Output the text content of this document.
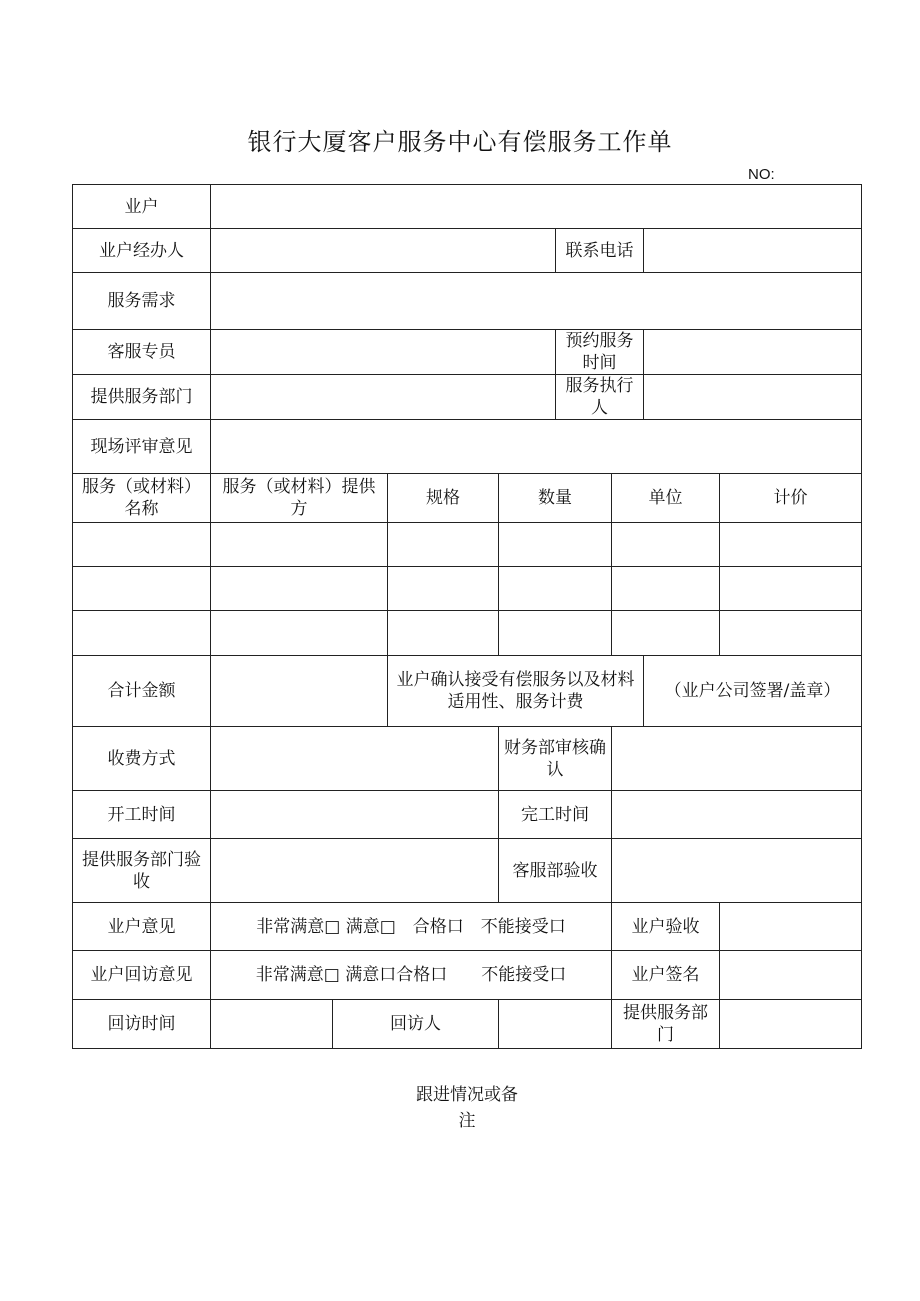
银行大厦客户服务中心有偿服务工作单
NO:
业户								
业户经办人					联系电话			
服务需求								
客服专员					预约服务时间			
提供服务部门					服务执行人			
现场评审意见								
服务（或材料）名称	服务（或材料）提供方		规格	数量		单位		计价

合计金额			业户确认接受有偿服务以及材料适用性、服务计费				（业户公司签署/盖章）	
收费方式				财务部审核确认				
开工时间				完工时间				
提供服务部门验收				客服部验收				
业户意见	非常满意□ 满意□　合格口　不能接受口					业户验收		
业户回访意见	非常满意□ 满意口合格口　　不能接受口					业户签名		
回访时间		回访人				提供服务部门		
跟进情况或备
注
